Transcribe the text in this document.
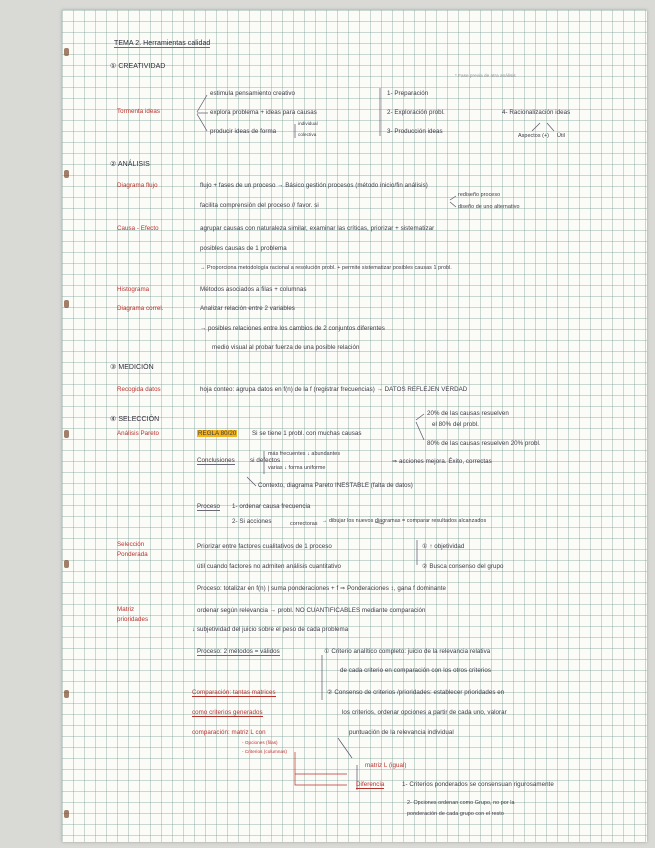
TEMA 2. Herramientas calidad
① CREATIVIDAD
* Fase previa de otra análisis
Tormenta ideas
estimula pensamiento creativo
explora problema + ideas para causas
producir ideas de forma
individual
colectiva
1- Preparación
2- Exploración probl.
3- Producción ideas
4- Racionalización ideas
Aspectos (+) Útil
② ANÁLISIS
Diagrama flujo	flujo + fases de un proceso → Básico gestión procesos (método inicio/fin análisis)
facilita comprensión del proceso // favor. si
rediseño proceso
diseño de uno alternativo
Causa - Efecto	agrupar causas con naturaleza similar, examinar las críticas, priorizar + sistematizar
posibles causas de 1 problema
→ Proporciona metodología racional a resolución probl. + permite sistematizar posibles causas 1 probl.
Histograma	Métodos asociados a filas + columnas
Diagrama correl.	Analizar relación entre 2 variables
→ posibles relaciones entre los cambios de 2 conjuntos diferentes
medio visual al probar fuerza de una posible relación
③ MEDICIÓN
Recogida datos	hoja conteo: agrupa datos en f(n) de la f (registrar frecuencias) → DATOS REFLEJEN VERDAD
④ SELECCIÓN
Análisis Pareto	REGLA 80/20	Si se tiene 1 probl. con muchas causas
20% de las causas resuelven
el 80% del probl.
80% de las causas resuelven 20% probl.
Conclusiones si defectos
más frecuentes ↓ abundantes
varias ↓ forma uniforme
⇒ acciones mejora. Éxito, correctas
Contexto, diagrama Pareto INESTABLE (falta de datos)
Proceso 1- ordenar causa frecuencia
2- Si acciones	correctoras → dibujar los nuevos diagramas = comparar resultados alcanzados
Selección
Ponderada
Priorizar entre factores cualitativos de 1 proceso
útil cuando factores no admiten análisis cuantitativo
① ↑ objetividad
② Busca consenso del grupo
Proceso: totalizar en f(n) | suma ponderaciones + f ⇒ Ponderaciones ↕, gana f dominante
Matriz
prioridades
ordenar según relevancia → probl. NO CUANTIFICABLES mediante comparación
↓ subjetividad del juicio sobre el peso de cada problema
Proceso: 2 métodos = válidos	① Criterio analítico completo: juicio de la relevancia relativa
de cada criterio en comparación con los otros criterios
Comparación: tantas matrices
como criterios generados
comparación: matriz L con
- Opciones (filas)
- Criterios (columnas)
② Consenso de criterios /prioridades: establecer prioridades en
los criterios, ordenar opciones a partir de cada uno, valorar
puntuación de la relevancia individual
matriz L (igual)
Diferencia	1- Criterios ponderados se consensuan rigurosamente
2- Opciones ordenan como Grupo, no por la
ponderación de cada grupo con el resto
